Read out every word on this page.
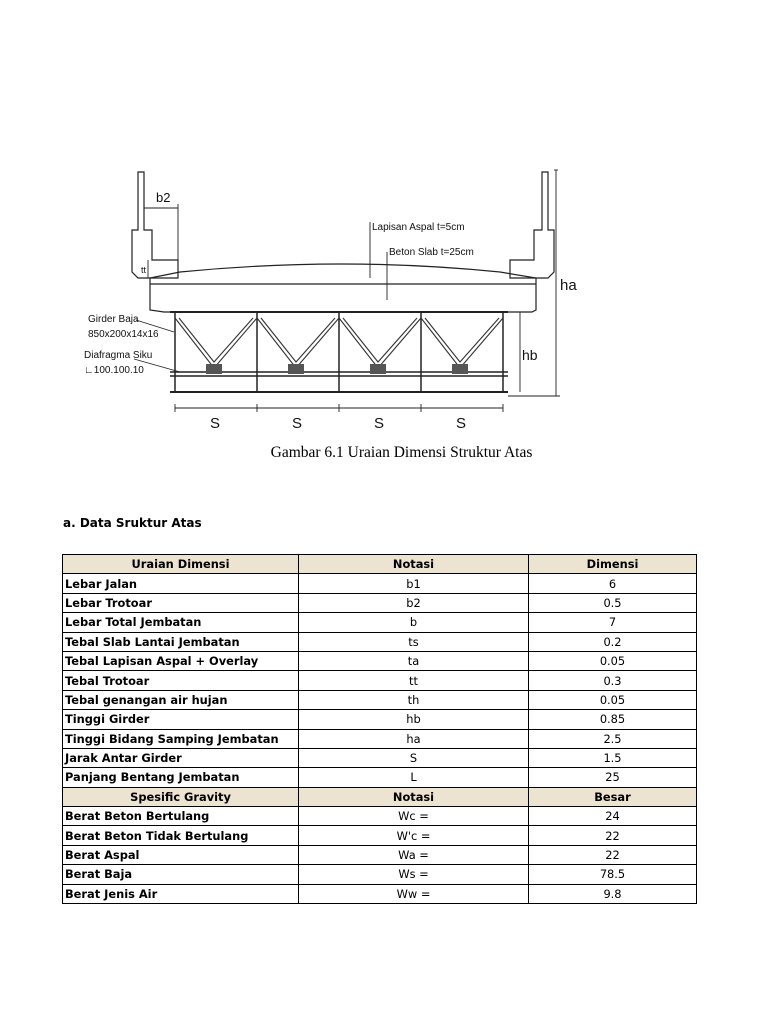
b2
Lapisan Aspal t=5cm
Beton Slab t=25cm
ha
hb
tt
Girder Baja
850x200x14x16
Diafragma Siku
∟100.100.10
S	S	S	S
Gambar 6.1 Uraian Dimensi Struktur Atas
a. Data Sruktur Atas
Uraian Dimensi	Notasi	Dimensi
Lebar Jalan	b1	6
Lebar Trotoar	b2	0.5
Lebar Total Jembatan	b	7
Tebal Slab Lantai Jembatan	ts	0.2
Tebal Lapisan Aspal + Overlay	ta	0.05
Tebal Trotoar	tt	0.3
Tebal genangan air hujan	th	0.05
Tinggi Girder	hb	0.85
Tinggi Bidang Samping Jembatan	ha	2.5
Jarak Antar Girder	S	1.5
Panjang Bentang Jembatan	L	25
Spesific Gravity	Notasi	Besar
Berat Beton Bertulang	Wc =	24
Berat Beton Tidak Bertulang	W'c =	22
Berat Aspal	Wa =	22
Berat Baja	Ws =	78.5
Berat Jenis Air	Ww =	9.8
